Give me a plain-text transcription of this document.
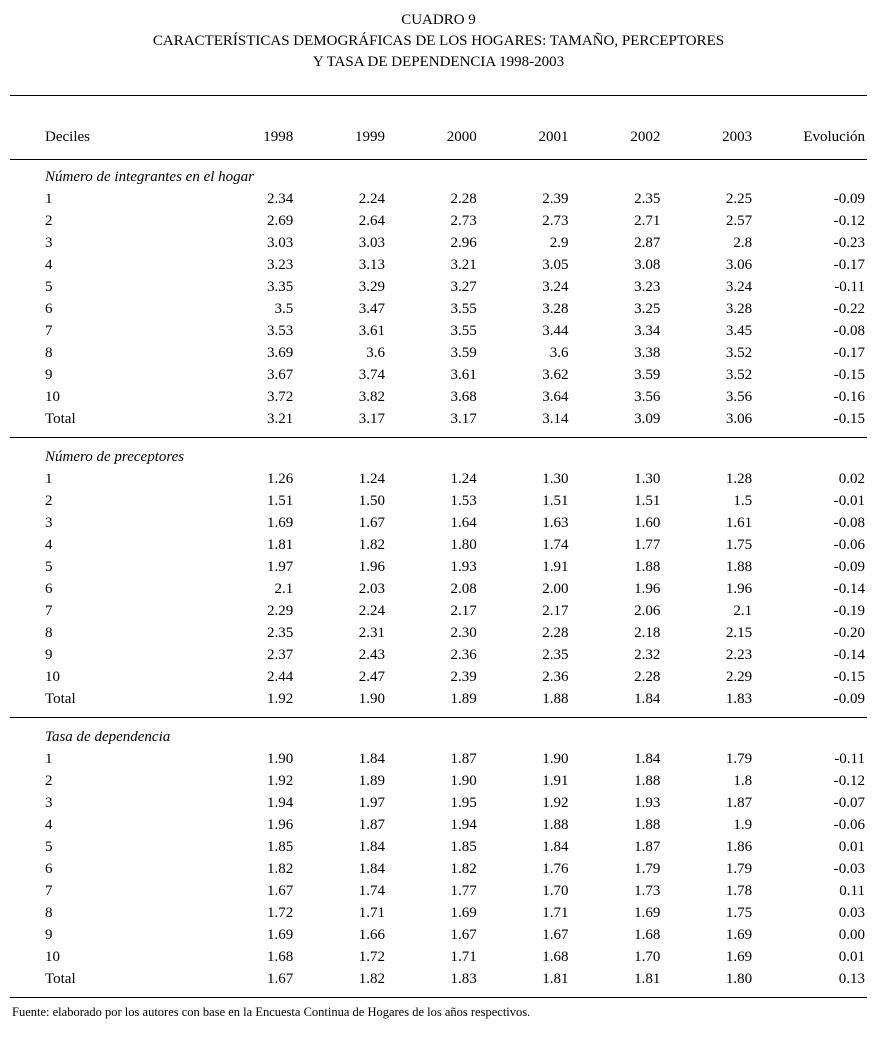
CUADRO 9
CARACTERÍSTICAS DEMOGRÁFICAS DE LOS HOGARES: TAMAÑO, PERCEPTORES
Y TASA DE DEPENDENCIA 1998-2003
Deciles	1998	1999	2000	2001	2002	2003	Evolución
Número de integrantes en el hogar							
1	2.34	2.24	2.28	2.39	2.35	2.25	-0.09
2	2.69	2.64	2.73	2.73	2.71	2.57	-0.12
3	3.03	3.03	2.96	2.9	2.87	2.8	-0.23
4	3.23	3.13	3.21	3.05	3.08	3.06	-0.17
5	3.35	3.29	3.27	3.24	3.23	3.24	-0.11
6	3.5	3.47	3.55	3.28	3.25	3.28	-0.22
7	3.53	3.61	3.55	3.44	3.34	3.45	-0.08
8	3.69	3.6	3.59	3.6	3.38	3.52	-0.17
9	3.67	3.74	3.61	3.62	3.59	3.52	-0.15
10	3.72	3.82	3.68	3.64	3.56	3.56	-0.16
Total	3.21	3.17	3.17	3.14	3.09	3.06	-0.15
Número de preceptores							
1	1.26	1.24	1.24	1.30	1.30	1.28	0.02
2	1.51	1.50	1.53	1.51	1.51	1.5	-0.01
3	1.69	1.67	1.64	1.63	1.60	1.61	-0.08
4	1.81	1.82	1.80	1.74	1.77	1.75	-0.06
5	1.97	1.96	1.93	1.91	1.88	1.88	-0.09
6	2.1	2.03	2.08	2.00	1.96	1.96	-0.14
7	2.29	2.24	2.17	2.17	2.06	2.1	-0.19
8	2.35	2.31	2.30	2.28	2.18	2.15	-0.20
9	2.37	2.43	2.36	2.35	2.32	2.23	-0.14
10	2.44	2.47	2.39	2.36	2.28	2.29	-0.15
Total	1.92	1.90	1.89	1.88	1.84	1.83	-0.09
Tasa de dependencia							
1	1.90	1.84	1.87	1.90	1.84	1.79	-0.11
2	1.92	1.89	1.90	1.91	1.88	1.8	-0.12
3	1.94	1.97	1.95	1.92	1.93	1.87	-0.07
4	1.96	1.87	1.94	1.88	1.88	1.9	-0.06
5	1.85	1.84	1.85	1.84	1.87	1.86	0.01
6	1.82	1.84	1.82	1.76	1.79	1.79	-0.03
7	1.67	1.74	1.77	1.70	1.73	1.78	0.11
8	1.72	1.71	1.69	1.71	1.69	1.75	0.03
9	1.69	1.66	1.67	1.67	1.68	1.69	0.00
10	1.68	1.72	1.71	1.68	1.70	1.69	0.01
Total	1.67	1.82	1.83	1.81	1.81	1.80	0.13
Fuente: elaborado por los autores con base en la Encuesta Continua de Hogares de los años respectivos.
